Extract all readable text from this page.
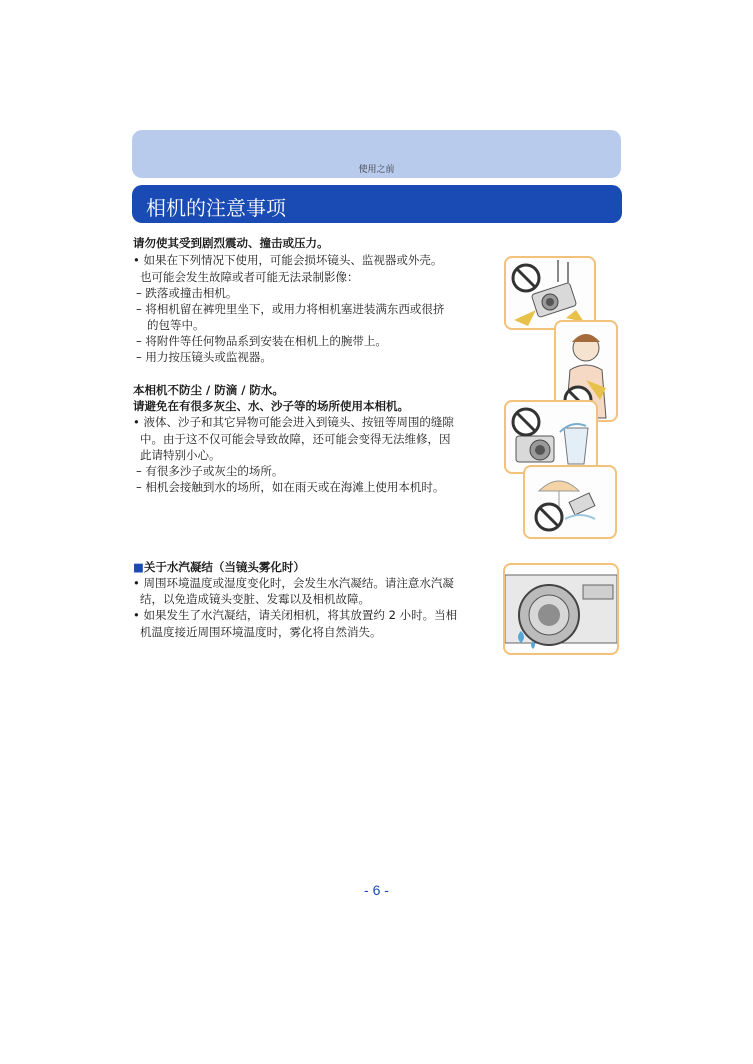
使用之前
相机的注意事项
请勿使其受到剧烈震动、撞击或压力。
• 如果在下列情况下使用，可能会损坏镜头、监视器或外壳。
也可能会发生故障或者可能无法录制影像：
– 跌落或撞击相机。
– 将相机留在裤兜里坐下，或用力将相机塞进装满东西或很挤
的包等中。
– 将附件等任何物品系到安装在相机上的腕带上。
– 用力按压镜头或监视器。
本相机不防尘 / 防滴 / 防水。
请避免在有很多灰尘、水、沙子等的场所使用本相机。
• 液体、沙子和其它异物可能会进入到镜头、按钮等周围的缝隙
中。由于这不仅可能会导致故障，还可能会变得无法维修，因
此请特别小心。
– 有很多沙子或灰尘的场所。
– 相机会接触到水的场所，如在雨天或在海滩上使用本机时。
■关于水汽凝结（当镜头雾化时）
• 周围环境温度或湿度变化时，会发生水汽凝结。请注意水汽凝
结，以免造成镜头变脏、发霉以及相机故障。
• 如果发生了水汽凝结，请关闭相机，将其放置约 2 小时。当相
机温度接近周围环境温度时，雾化将自然消失。
- 6 -
